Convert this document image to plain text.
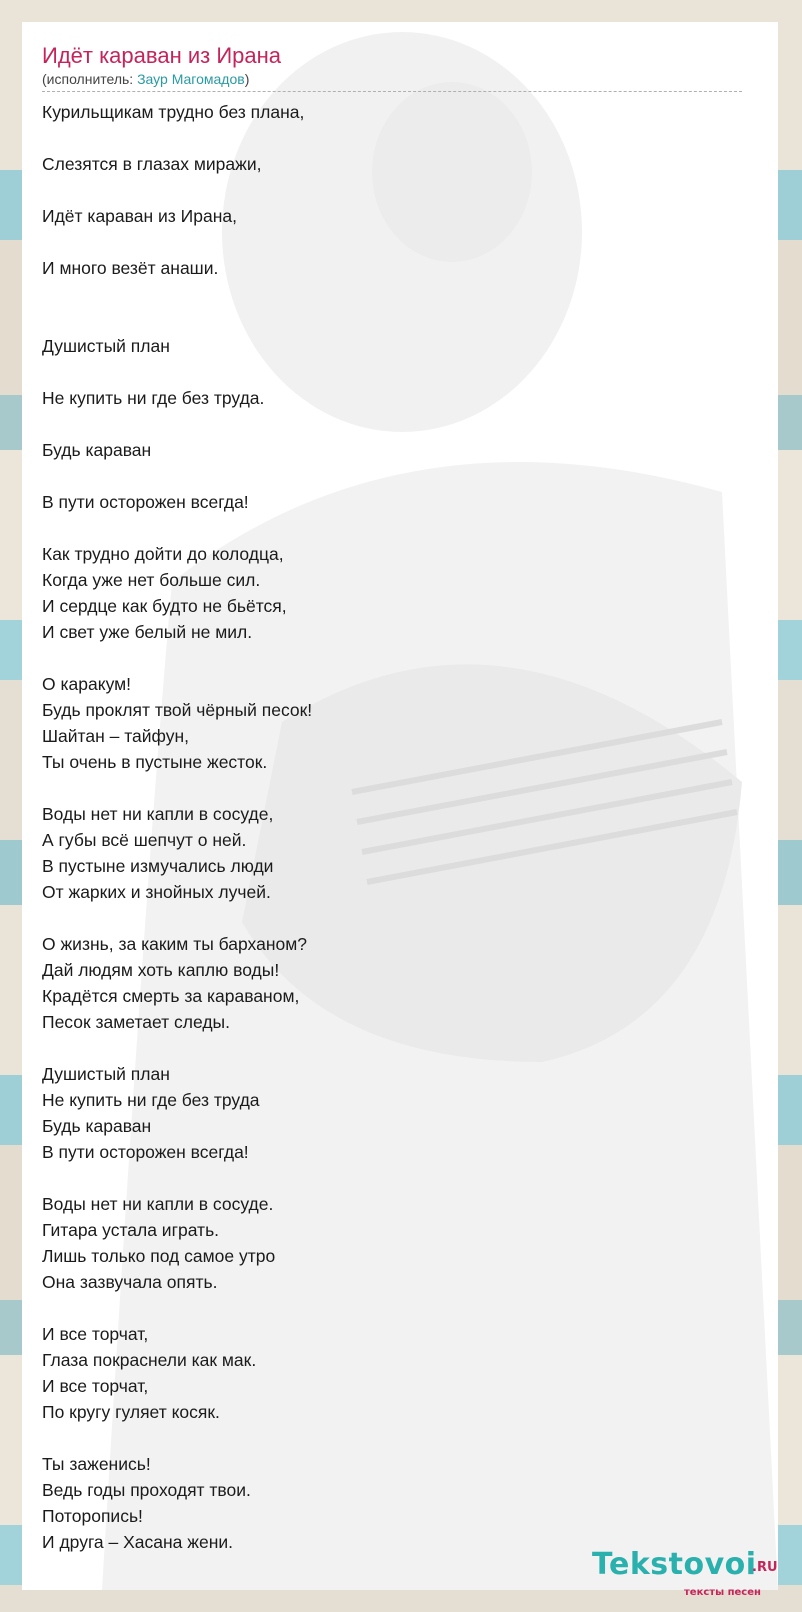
Идёт караван из Ирана
(исполнитель: Заур Магомадов)
Курильщикам трудно без плана,
Слезятся в глазах миражи,
Идёт караван из Ирана,
И много везёт анаши.
Душистый план
Не купить ни где без труда.
Будь караван
В пути осторожен всегда!
Как трудно дойти до колодца,
Когда уже нет больше сил.
И сердце как будто не бьётся,
И свет уже белый не мил.
О каракум!
Будь проклят твой чёрный песок!
Шайтан – тайфун,
Ты очень в пустыне жесток.
Воды нет ни капли в сосуде,
А губы всё шепчут о ней.
В пустыне измучались люди
От жарких и знойных лучей.
О жизнь, за каким ты барханом?
Дай людям хоть каплю воды!
Крадётся смерть за караваном,
Песок заметает следы.
Душистый план
Не купить ни где без труда
Будь караван
В пути осторожен всегда!
Воды нет ни капли в сосуде.
Гитара устала играть.
Лишь только под самое утро
Она зазвучала опять.
И все торчат,
Глаза покраснели как мак.
И все торчат,
По кругу гуляет косяк.
Ты заженись!
Ведь годы проходят твои.
Поторопись!
И друга – Хасана жени.
Tekstovoi
.RU
тексты песен
